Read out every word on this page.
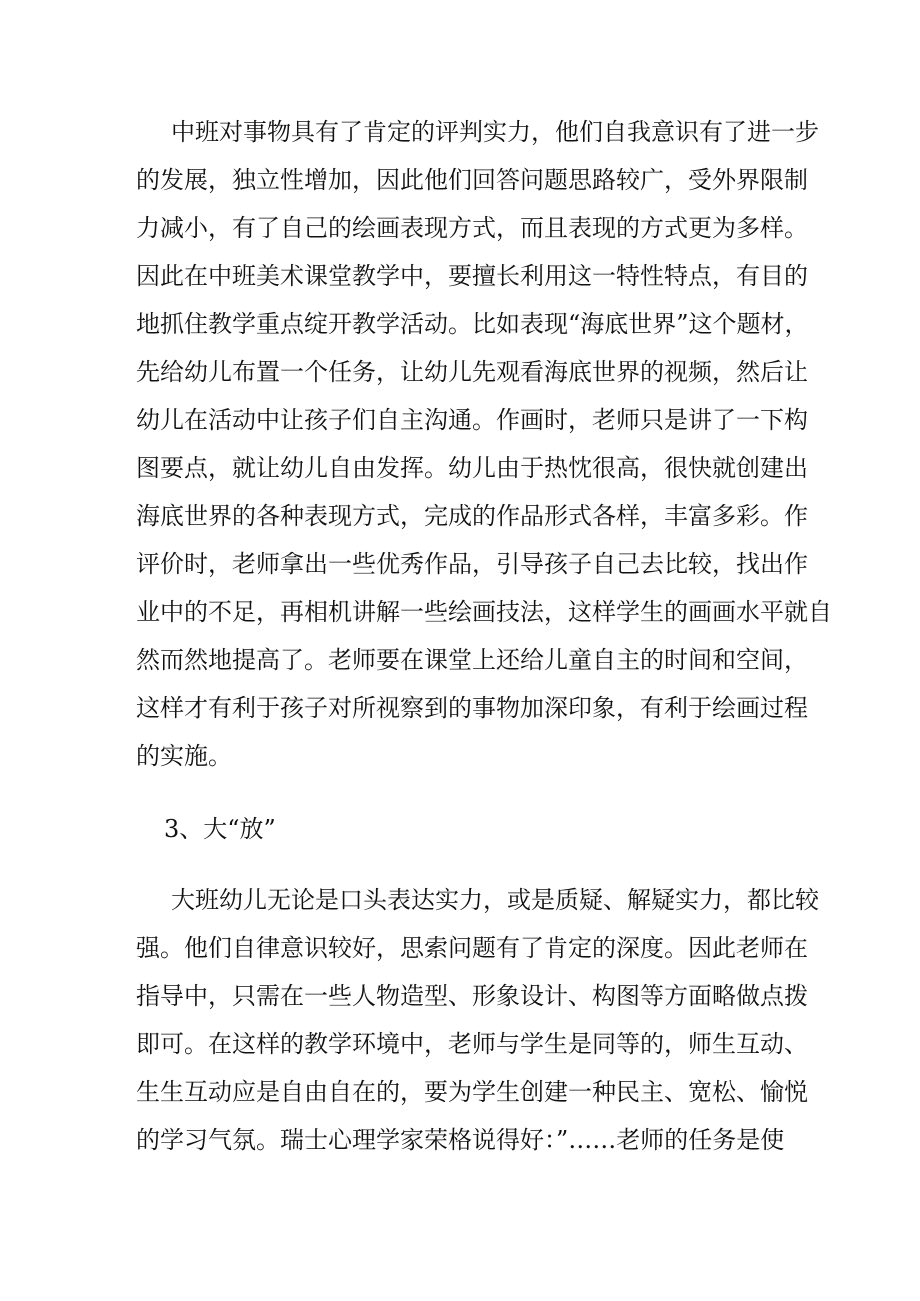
中班对事物具有了肯定的评判实力，他们自我意识有了进一步
的发展，独立性增加，因此他们回答问题思路较广，受外界限制
力减小，有了自己的绘画表现方式，而且表现的方式更为多样。
因此在中班美术课堂教学中，要擅长利用这一特性特点，有目的
地抓住教学重点绽开教学活动。比如表现“海底世界”这个题材，
先给幼儿布置一个任务，让幼儿先观看海底世界的视频，然后让
幼儿在活动中让孩子们自主沟通。作画时，老师只是讲了一下构
图要点，就让幼儿自由发挥。幼儿由于热忱很高，很快就创建出
海底世界的各种表现方式，完成的作品形式各样，丰富多彩。作
评价时，老师拿出一些优秀作品，引导孩子自己去比较，找出作
业中的不足，再相机讲解一些绘画技法，这样学生的画画水平就自
然而然地提高了。老师要在课堂上还给儿童自主的时间和空间，
这样才有利于孩子对所视察到的事物加深印象，有利于绘画过程
的实施。
3、大“放”
大班幼儿无论是口头表达实力，或是质疑、解疑实力，都比较
强。他们自律意识较好，思索问题有了肯定的深度。因此老师在
指导中，只需在一些人物造型、形象设计、构图等方面略做点拨
即可。在这样的教学环境中，老师与学生是同等的，师生互动、
生生互动应是自由自在的，要为学生创建一种民主、宽松、愉悦
的学习气氛。瑞士心理学家荣格说得好：”……老师的任务是使
